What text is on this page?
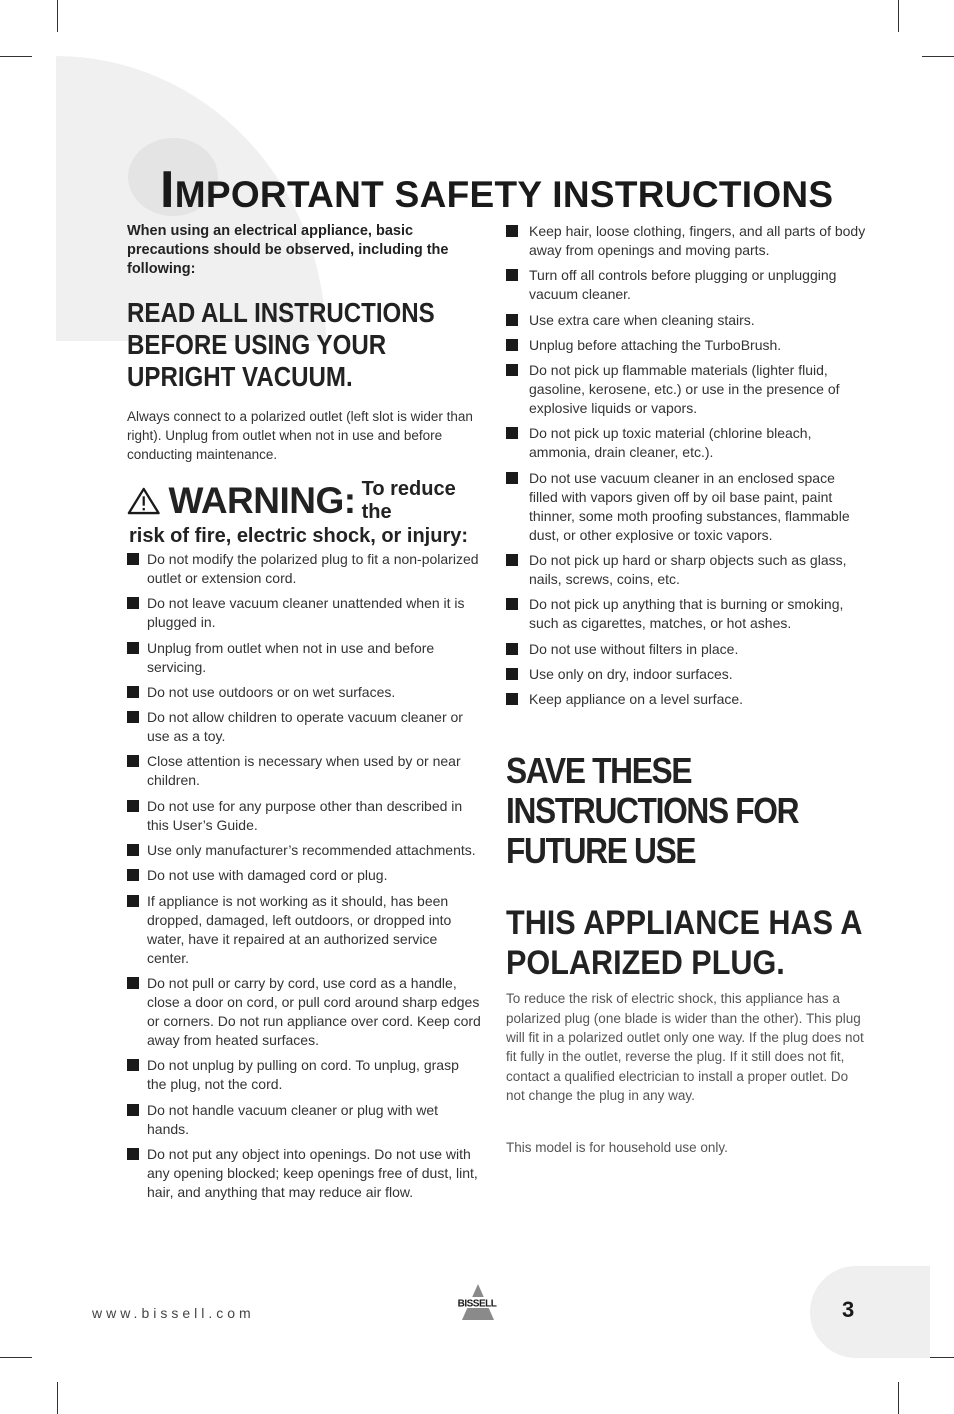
IMPORTANT SAFETY INSTRUCTIONS

When using an electrical appliance, basic precautions should be observed, including the following:

READ ALL INSTRUCTIONS BEFORE USING YOUR UPRIGHT VACUUM.

Always connect to a polarized outlet (left slot is wider than right). Unplug from outlet when not in use and before conducting maintenance.

WARNING: To reduce the
risk of fire, electric shock, or injury:
Do not modify the polarized plug to fit a non-polarized outlet or extension cord.
Do not leave vacuum cleaner unattended when it is plugged in.
Unplug from outlet when not in use and before servicing.
Do not use outdoors or on wet surfaces.
Do not allow children to operate vacuum cleaner or use as a toy.
Close attention is necessary when used by or near children.
Do not use for any purpose other than described in this User’s Guide.
Use only manufacturer’s recommended attachments.
Do not use with damaged cord or plug.
If appliance is not working as it should, has been dropped, damaged, left outdoors, or dropped into water, have it repaired at an authorized service center.
Do not pull or carry by cord, use cord as a handle, close a door on cord, or pull cord around sharp edges or corners. Do not run appliance over cord. Keep cord away from heated surfaces.
Do not unplug by pulling on cord. To unplug, grasp the plug, not the cord.
Do not handle vacuum cleaner or plug with wet hands.
Do not put any object into openings. Do not use with any opening blocked; keep openings free of dust, lint, hair, and anything that may reduce air flow.
Keep hair, loose clothing, fingers, and all parts of body away from openings and moving parts.
Turn off all controls before plugging or unplugging vacuum cleaner.
Use extra care when cleaning stairs.
Unplug before attaching the TurboBrush.
Do not pick up flammable materials (lighter fluid, gasoline, kerosene, etc.) or use in the presence of explosive liquids or vapors.
Do not pick up toxic material (chlorine bleach, ammonia, drain cleaner, etc.).
Do not use vacuum cleaner in an enclosed space filled with vapors given off by oil base paint, paint thinner, some moth proofing substances, flammable dust, or other explosive or toxic vapors.
Do not pick up hard or sharp objects such as glass, nails, screws, coins, etc.
Do not pick up anything that is burning or smoking, such as cigarettes, matches, or hot ashes.
Do not use without filters in place.
Use only on dry, indoor surfaces.
Keep appliance on a level surface.
SAVE THESE INSTRUCTIONS FOR FUTURE USE
THIS APPLIANCE HAS A POLARIZED PLUG.

To reduce the risk of electric shock, this appliance has a polarized plug (one blade is wider than the other). This plug will fit in a polarized outlet only one way. If the plug does not fit fully in the outlet, reverse the plug. If it still does not fit, contact a qualified electrician to install a proper outlet. Do not change the plug in any way.

This model is for household use only.

www.bissell.com

BISSELL	3
